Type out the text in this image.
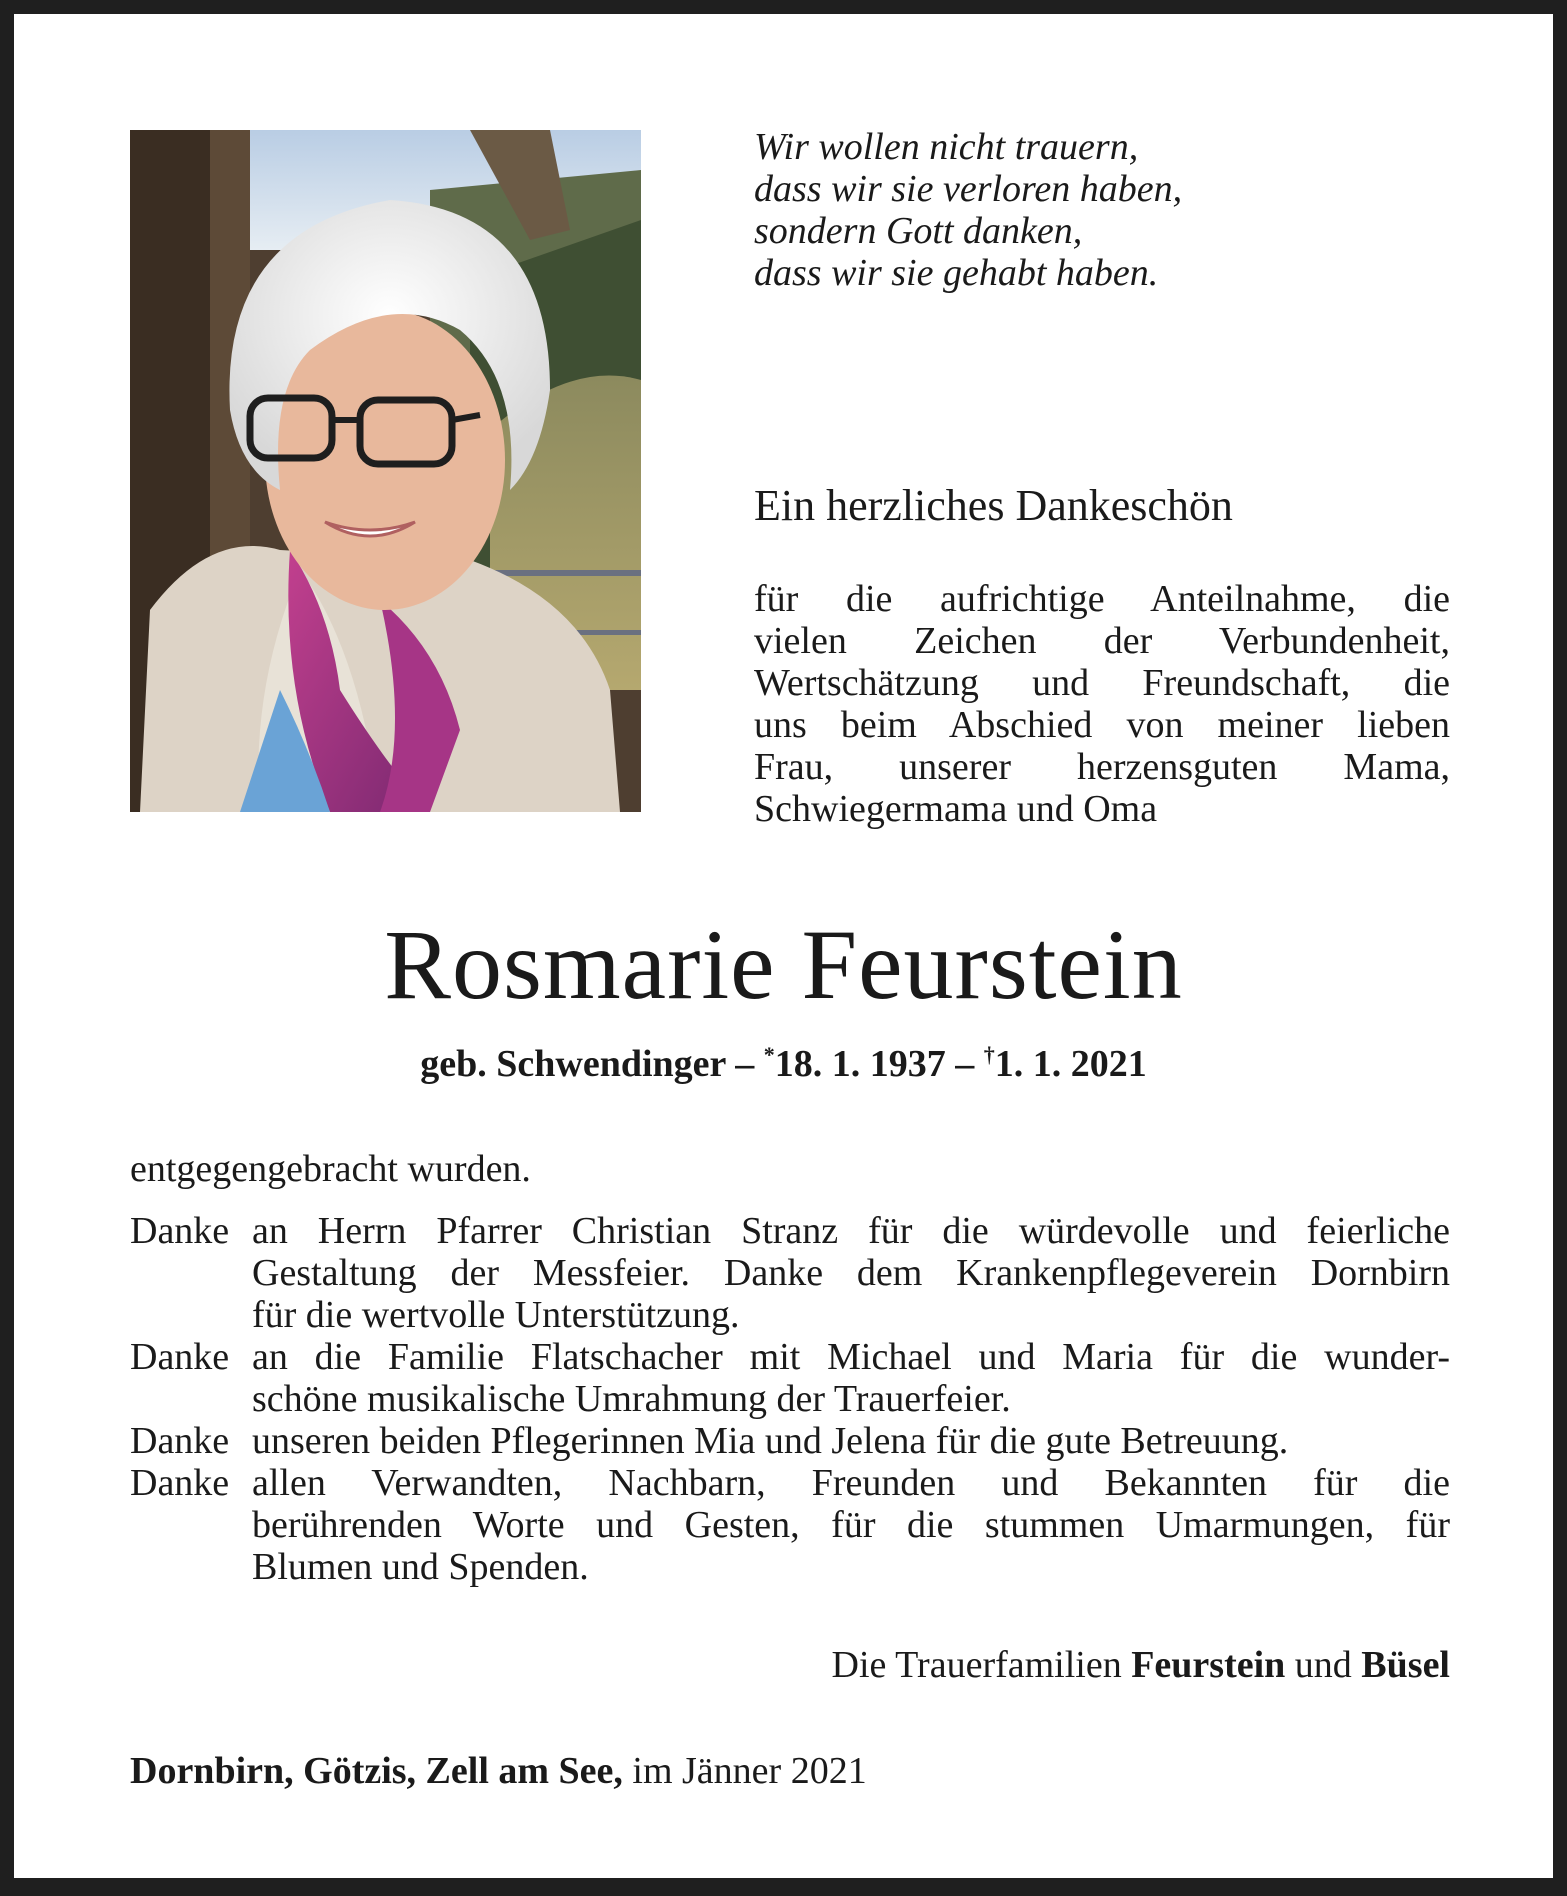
Wir wollen nicht trauern,
dass wir sie verloren haben,
sondern Gott danken,
dass wir sie gehabt haben.
Ein herzliches Dankeschön
für die aufrichtige Anteilnahme, die
vielen Zeichen der Verbundenheit,
Wertschätzung und Freundschaft, die
uns beim Abschied von meiner lieben
Frau, unserer herzensguten Mama,
Schwiegermama und Oma
Rosmarie Feurstein
geb. Schwendinger – *18. 1. 1937 – †1. 1. 2021
entgegengebracht wurden.
Danke an Herrn Pfarrer Christian Stranz für die würdevolle und feierliche
Gestaltung der Messfeier. Danke dem Krankenpflegeverein Dornbirn
für die wertvolle Unterstützung.
Danke an die Familie Flatschacher mit Michael und Maria für die wunder-
schöne musikalische Umrahmung der Trauerfeier.
Danke unseren beiden Pflegerinnen Mia und Jelena für die gute Betreuung.
Danke allen Verwandten, Nachbarn, Freunden und Bekannten für die
berührenden Worte und Gesten, für die stummen Umarmungen, für
Blumen und Spenden.
Die Trauerfamilien Feurstein und Büsel
Dornbirn, Götzis, Zell am See, im Jänner 2021
